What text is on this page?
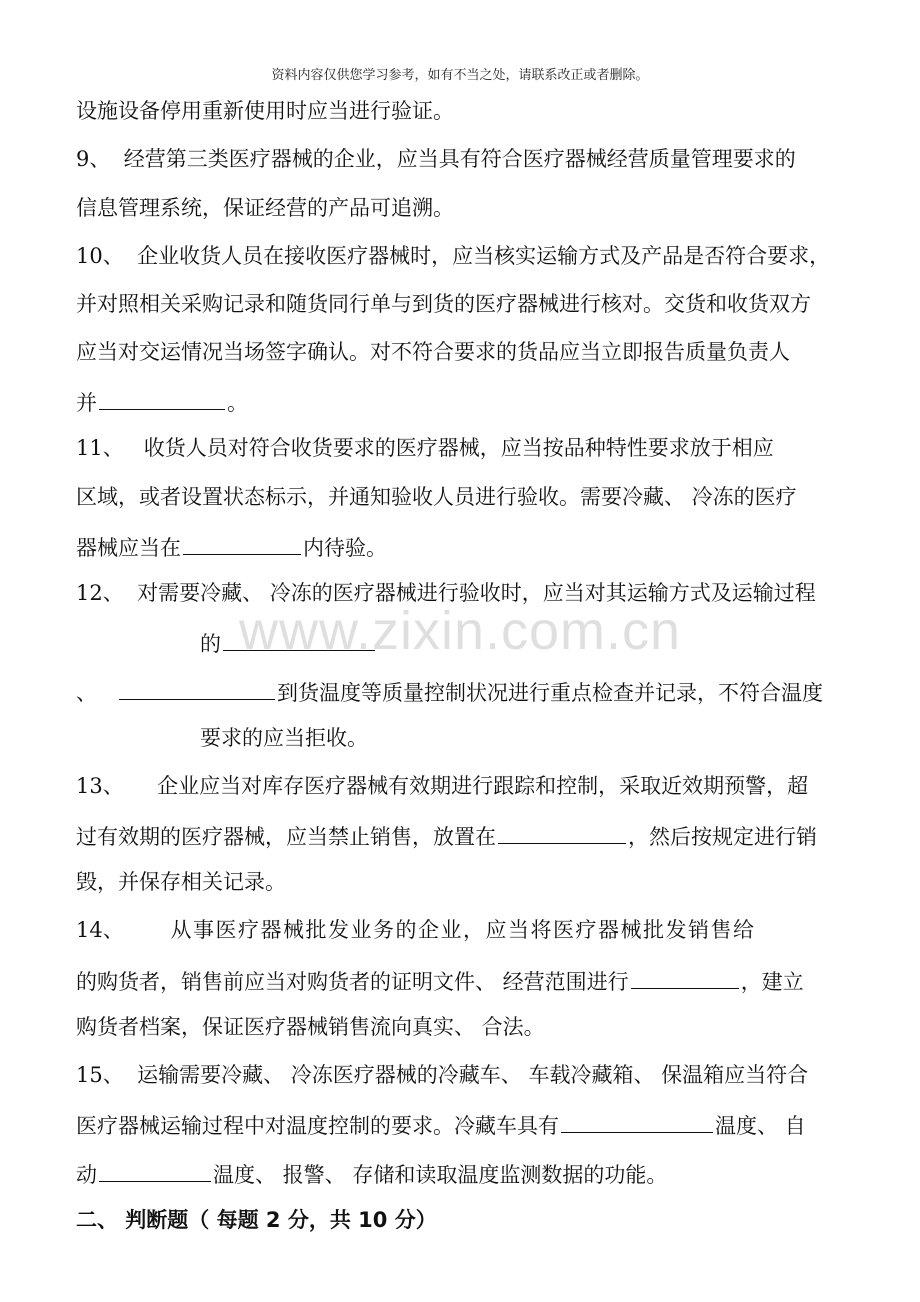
资料内容仅供您学习参考，如有不当之处，请联系改正或者删除。
www.zixin.com.cn
设施设备停用重新使用时应当进行验证。
9、 经营第三类医疗器械的企业，应当具有符合医疗器械经营质量管理要求的
信息管理系统，保证经营的产品可追溯。
10、 企业收货人员在接收医疗器械时，应当核实运输方式及产品是否符合要求，
并对照相关采购记录和随货同行单与到货的医疗器械进行核对。交货和收货双方
应当对交运情况当场签字确认。对不符合要求的货品应当立即报告质量负责人
并	。
11、 收货人员对符合收货要求的医疗器械，应当按品种特性要求放于相应
区域，或者设置状态标示，并通知验收人员进行验收。需要冷藏、 冷冻的医疗
器械应当在	内待验。
12、 对需要冷藏、 冷冻的医疗器械进行验收时，应当对其运输方式及运输过程
的
、	到货温度等质量控制状况进行重点检查并记录，不符合温度
要求的应当拒收。
13、 企业应当对库存医疗器械有效期进行跟踪和控制，采取近效期预警，超
过有效期的医疗器械，应当禁止销售，放置在	，然后按规定进行销
毁，并保存相关记录。
14、 从事医疗器械批发业务的企业，应当将医疗器械批发销售给
的购货者，销售前应当对购货者的证明文件、 经营范围进行	，建立
购货者档案，保证医疗器械销售流向真实、 合法。
15、 运输需要冷藏、 冷冻医疗器械的冷藏车、 车载冷藏箱、 保温箱应当符合
医疗器械运输过程中对温度控制的要求。冷藏车具有	温度、 自
动	温度、 报警、 存储和读取温度监测数据的功能。
二、 判断题（ 每题 2 分，共 10 分）
